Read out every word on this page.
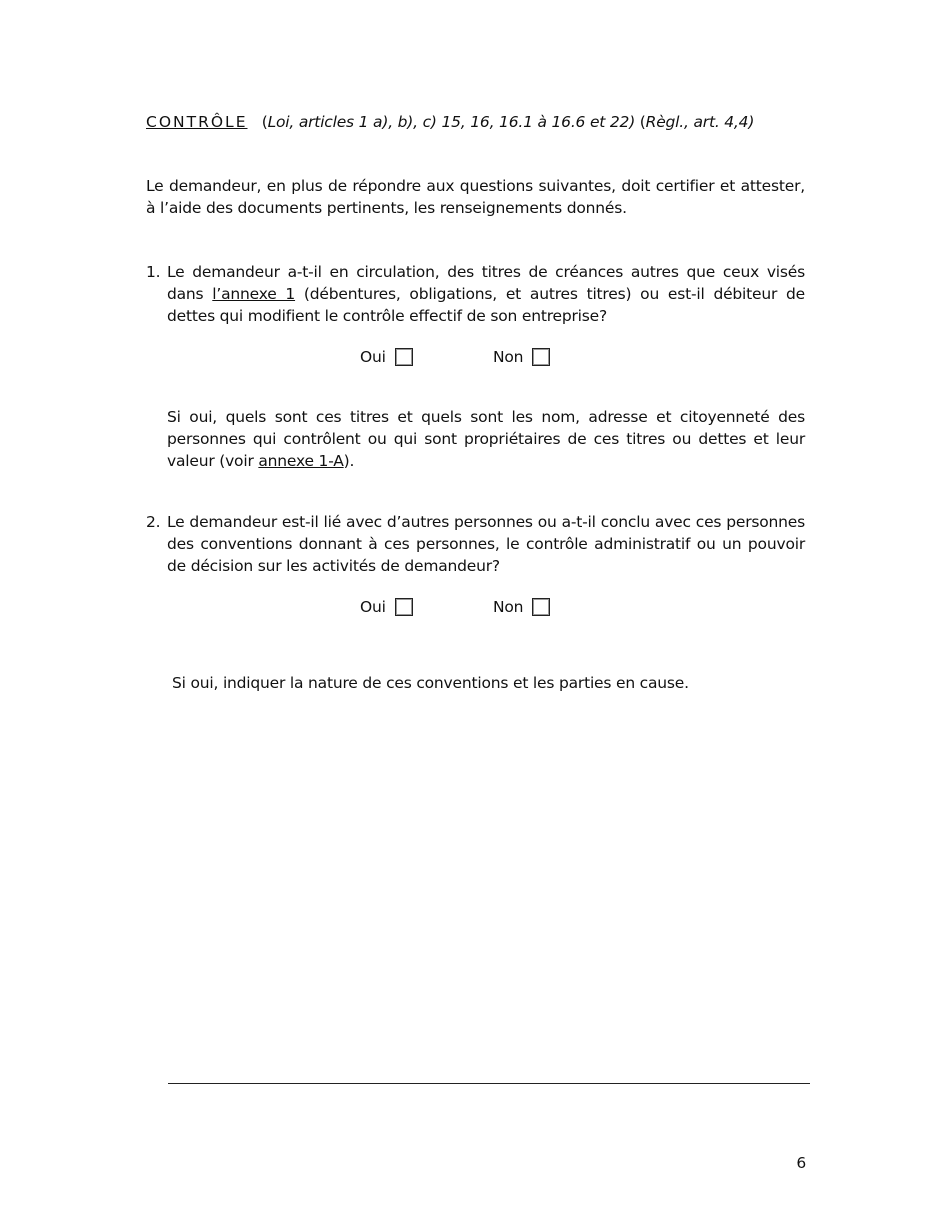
CONTRÔLE (Loi, articles 1 a), b), c) 15, 16, 16.1 à 16.6 et 22) (Règl., art. 4,4)
Le demandeur, en plus de répondre aux questions suivantes, doit certifier et attester, à l’aide des documents pertinents, les renseignements donnés.
1. Le demandeur a-t-il en circulation, des titres de créances autres que ceux visés dans l’annexe 1 (débentures, obligations, et autres titres) ou est-il débiteur de dettes qui modifient le contrôle effectif de son entreprise?
Oui	Non
Si oui, quels sont ces titres et quels sont les nom, adresse et citoyenneté des personnes qui contrôlent ou qui sont propriétaires de ces titres ou dettes et leur valeur (voir annexe 1-A).
2. Le demandeur est-il lié avec d’autres personnes ou a-t-il conclu avec ces personnes des conventions donnant à ces personnes, le contrôle administratif ou un pouvoir de décision sur les activités de demandeur?
Oui	Non
Si oui, indiquer la nature de ces conventions et les parties en cause.
6
